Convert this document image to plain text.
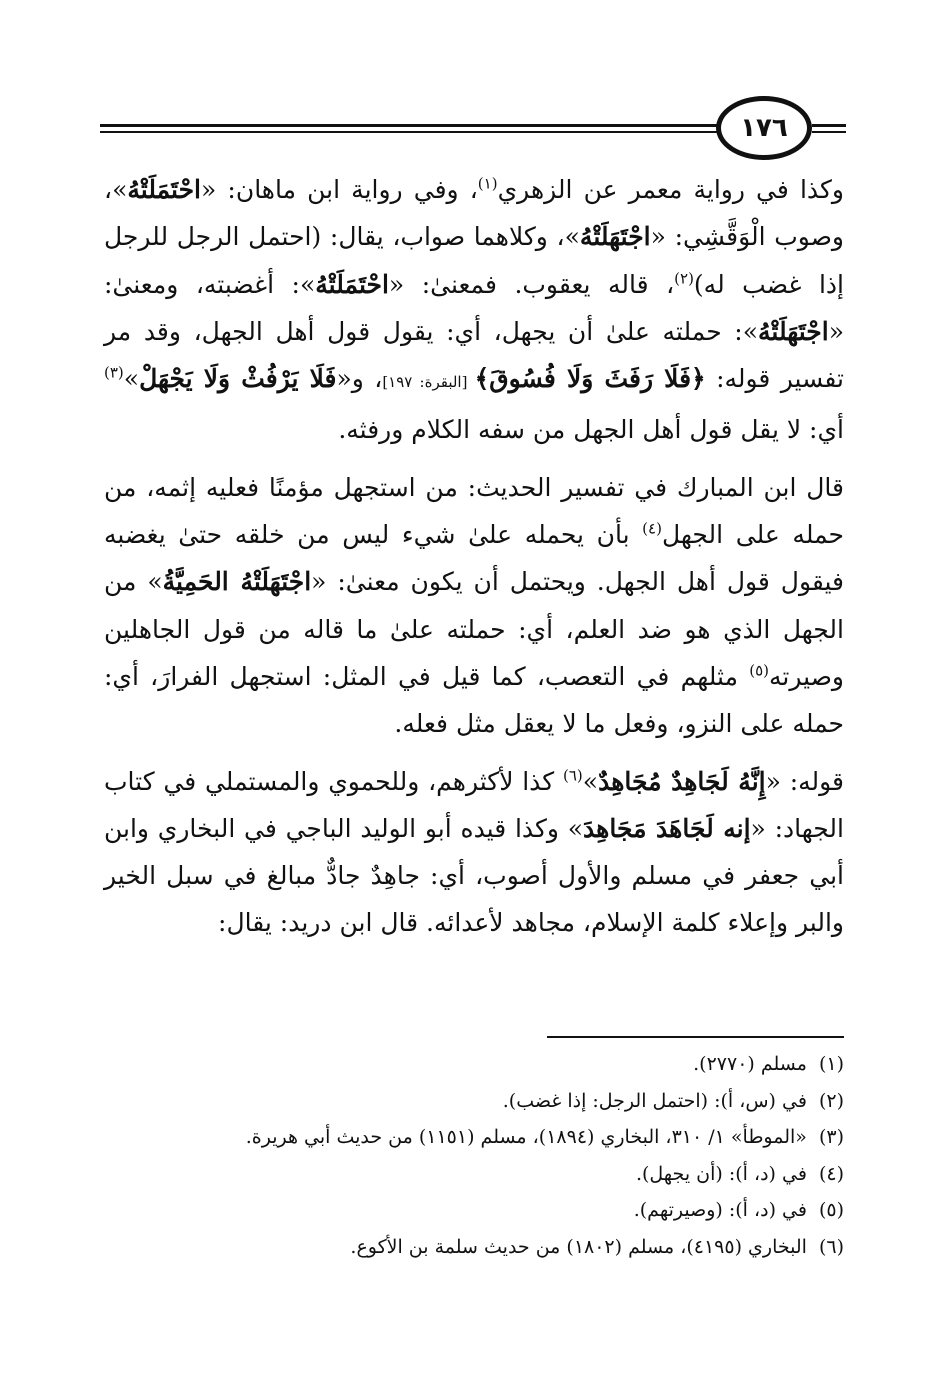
١٧٦

وكذا في رواية معمر عن الزهري$^{(١)}$، وفي رواية ابن ماهان: «احْتَمَلَتْهُ»، وصوب الْوَقَّشِي: «اجْتَهَلَتْهُ»، وكلاهما صواب، يقال: (احتمل الرجل للرجل إذا غضب له)$^{(٢)}$، قاله يعقوب. فمعنىٰ: «احْتَمَلَتْهُ»: أغضبته، ومعنىٰ: «اجْتَهَلَتْهُ»: حملته علىٰ أن يجهل، أي: يقول قول أهل الجهل، وقد مر تفسير قوله: ﴿فَلَا رَفَثَ وَلَا فُسُوقَ﴾ [البقرة: ١٩٧]، و«فَلَا يَرْفُثْ وَلَا يَجْهَلْ»$^{(٣)}$ أي: لا يقل قول أهل الجهل من سفه الكلام ورفثه.

قال ابن المبارك في تفسير الحديث: من استجهل مؤمنًا فعليه إثمه، من حمله على الجهل$^{(٤)}$ بأن يحمله علىٰ شيء ليس من خلقه حتىٰ يغضبه فيقول قول أهل الجهل. ويحتمل أن يكون معنىٰ: «اجْتَهَلَتْهُ الحَمِيَّةُ» من الجهل الذي هو ضد العلم، أي: حملته علىٰ ما قاله من قول الجاهلين وصيرته$^{(٥)}$ مثلهم في التعصب، كما قيل في المثل: استجهل الفرارَ، أي: حمله على النزو، وفعل ما لا يعقل مثل فعله.

قوله: «إِنَّهُ لَجَاهِدٌ مُجَاهِدٌ»$^{(٦)}$ كذا لأكثرهم، وللحموي والمستملي في كتاب الجهاد: «إنه لَجَاهَدَ مَجَاهِدَ» وكذا قيده أبو الوليد الباجي في البخاري وابن أبي جعفر في مسلم والأول أصوب، أي: جاهِدٌ جادٌّ مبالغ في سبل الخير والبر وإعلاء كلمة الإسلام، مجاهد لأعدائه. قال ابن دريد: يقال:

(١)مسلم (٢٧٧٠).
(٢)في (س، أ): (احتمل الرجل: إذا غضب).
(٣)«الموطأ» ١/ ٣١٠، البخاري (١٨٩٤)، مسلم (١١٥١) من حديث أبي هريرة.
(٤)في (د، أ): (أن يجهل).
(٥)في (د، أ): (وصيرتهم).
(٦)البخاري (٤١٩٥)، مسلم (١٨٠٢) من حديث سلمة بن الأكوع.
